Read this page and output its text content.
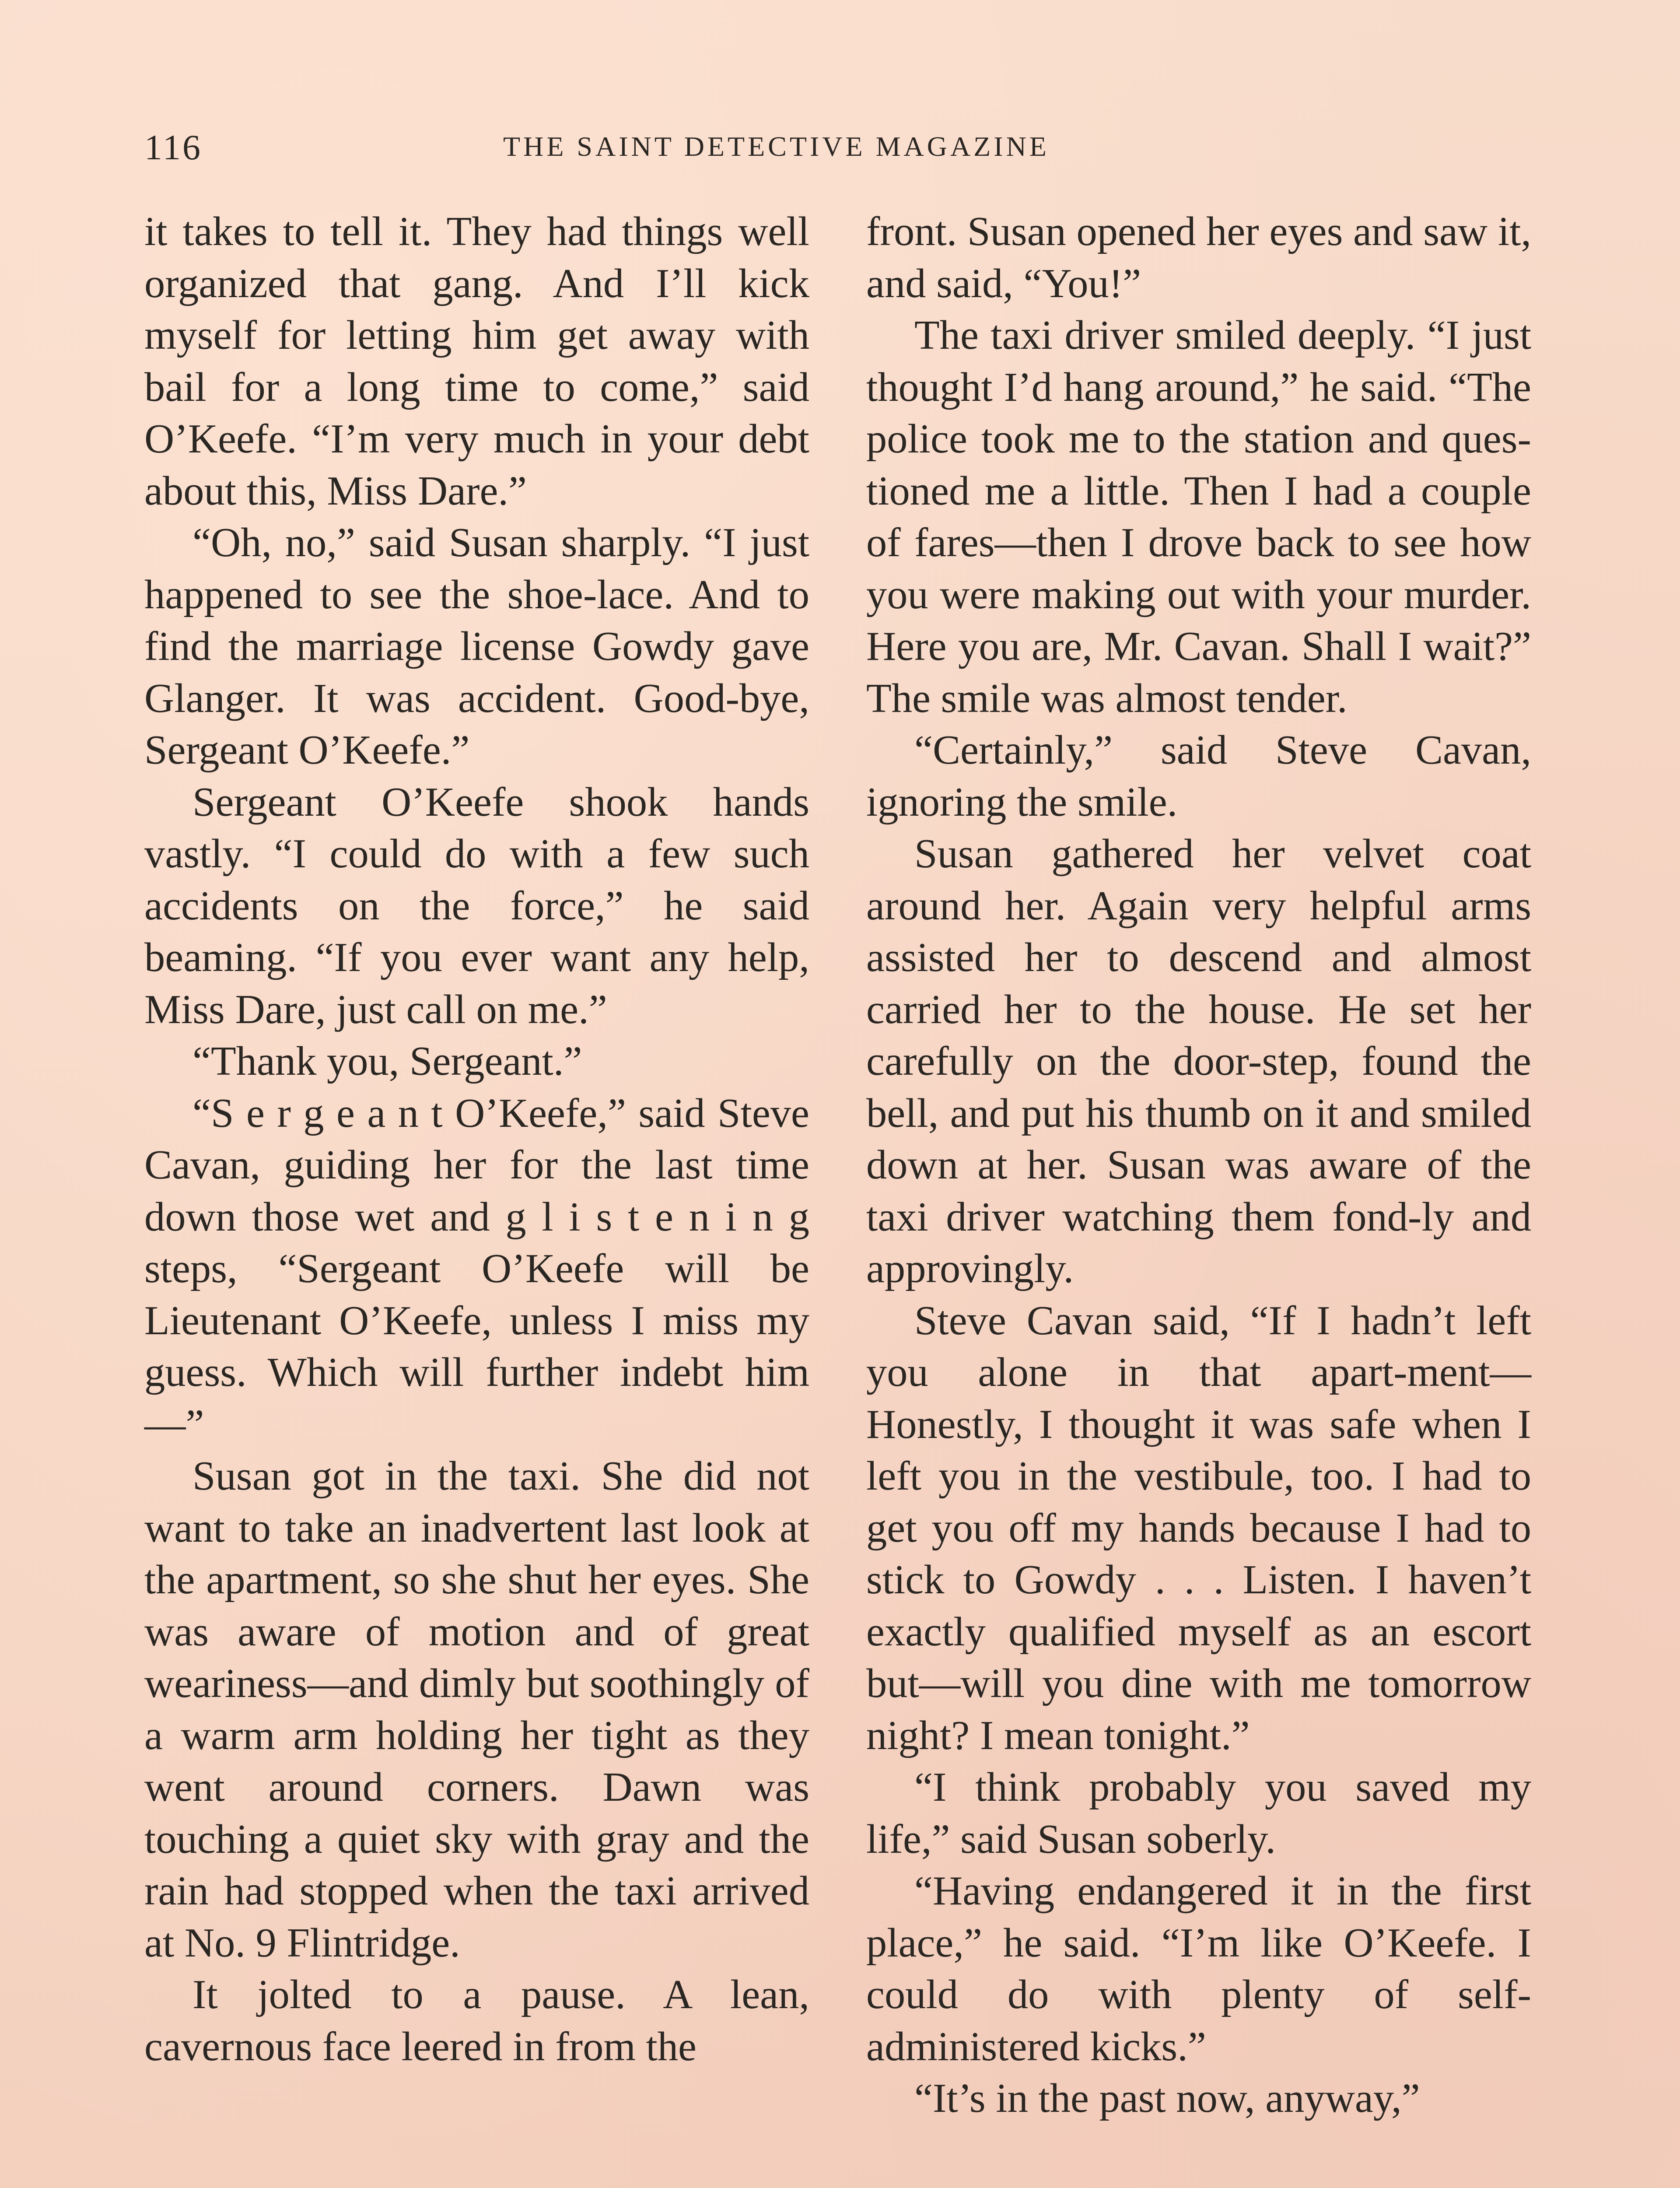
116	THE SAINT DETECTIVE MAGAZINE

it takes to tell it. They had things well organized that gang. And I’ll kick myself for letting him get away with bail for a long time to come,” said O’Keefe. “I’m very much in your debt about this, Miss Dare.”

“Oh, no,” said Susan sharply. “I just happened to see the shoe-lace. And to find the marriage license Gowdy gave Glanger. It was accident. Good-bye, Sergeant O’Keefe.”

Sergeant O’Keefe shook hands vastly. “I could do with a few such accidents on the force,” he said beaming. “If you ever want any help, Miss Dare, just call on me.”

“Thank you, Sergeant.”

“S e r g e a n t O’Keefe,” said Steve Cavan, guiding her for the last time down those wet and g l i s t e n i n g steps, “Sergeant O’Keefe will be Lieutenant O’Keefe, unless I miss my guess. Which will further indebt him—”

Susan got in the taxi. She did not want to take an inadvertent last look at the apartment, so she shut her eyes. She was aware of motion and of great weariness—and dimly but soothingly of a warm arm holding her tight as they went around corners. Dawn was touching a quiet sky with gray and the rain had stopped when the taxi arrived at No. 9 Flintridge.

It jolted to a pause. A lean, cavernous face leered in from the

front. Susan opened her eyes and saw it, and said, “You!”

The taxi driver smiled deeply. “I just thought I’d hang around,” he said. “The police took me to the station and ques-tioned me a little. Then I had a couple of fares—then I drove back to see how you were making out with your murder. Here you are, Mr. Cavan. Shall I wait?” The smile was almost tender.

“Certainly,” said Steve Cavan, ignoring the smile.

Susan gathered her velvet coat around her. Again very helpful arms assisted her to descend and almost carried her to the house. He set her carefully on the door-step, found the bell, and put his thumb on it and smiled down at her. Susan was aware of the taxi driver watching them fond-ly and approvingly.

Steve Cavan said, “If I hadn’t left you alone in that apart-ment— Honestly, I thought it was safe when I left you in the vestibule, too. I had to get you off my hands because I had to stick to Gowdy . . . Listen. I haven’t exactly qualified myself as an escort but—will you dine with me tomorrow night? I mean tonight.”

“I think probably you saved my life,” said Susan soberly.

“Having endangered it in the first place,” he said. “I’m like O’Keefe. I could do with plenty of self-administered kicks.”

“It’s in the past now, anyway,”
